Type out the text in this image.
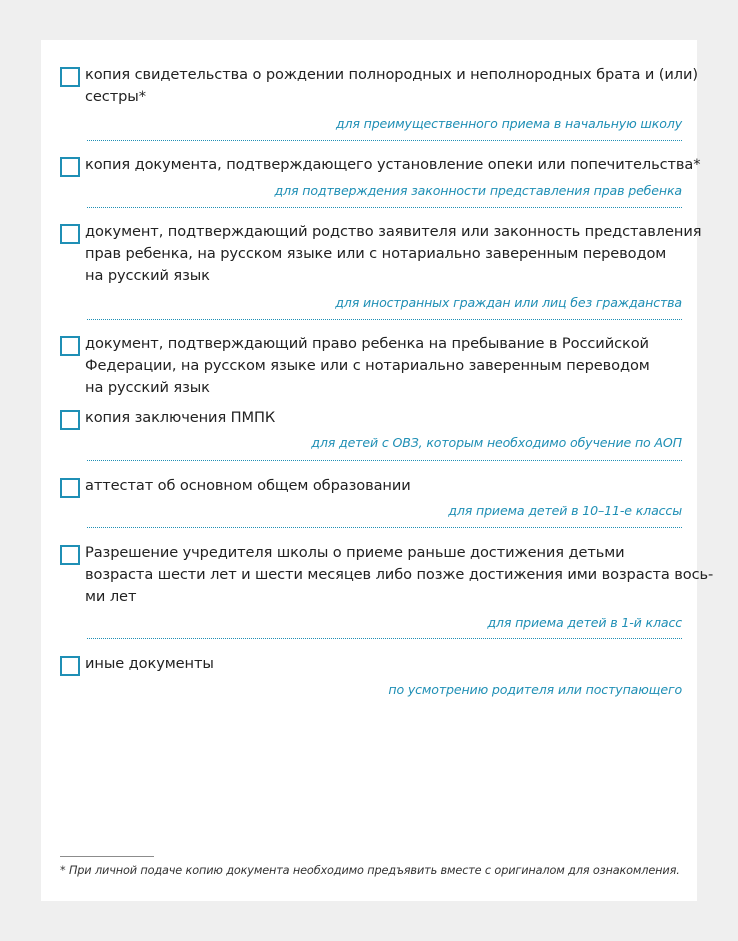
копия свидетельства о рождении полнородных и неполнородных брата и (или)
сестры*
для преимущественного приема в начальную школу
копия документа, подтверждающего установление опеки или попечительства*
для подтверждения законности представления прав ребенка
документ, подтверждающий родство заявителя или законность представления
прав ребенка, на русском языке или с нотариально заверенным переводом
на русский язык
для иностранных граждан или лиц без гражданства
документ, подтверждающий право ребенка на пребывание в Российской
Федерации, на русском языке или с нотариально заверенным переводом
на русский язык
копия заключения ПМПК
для детей с ОВЗ, которым необходимо обучение по АОП
аттестат об основном общем образовании
для приема детей в 10–11-е классы
Разрешение учредителя школы о приеме раньше достижения детьми
возраста шести лет и шести месяцев либо позже достижения ими возраста вось-
ми лет
для приема детей в 1-й класс
иные документы
по усмотрению родителя или поступающего
* При личной подаче копию документа необходимо предъявить вместе с оригиналом для ознакомления.
